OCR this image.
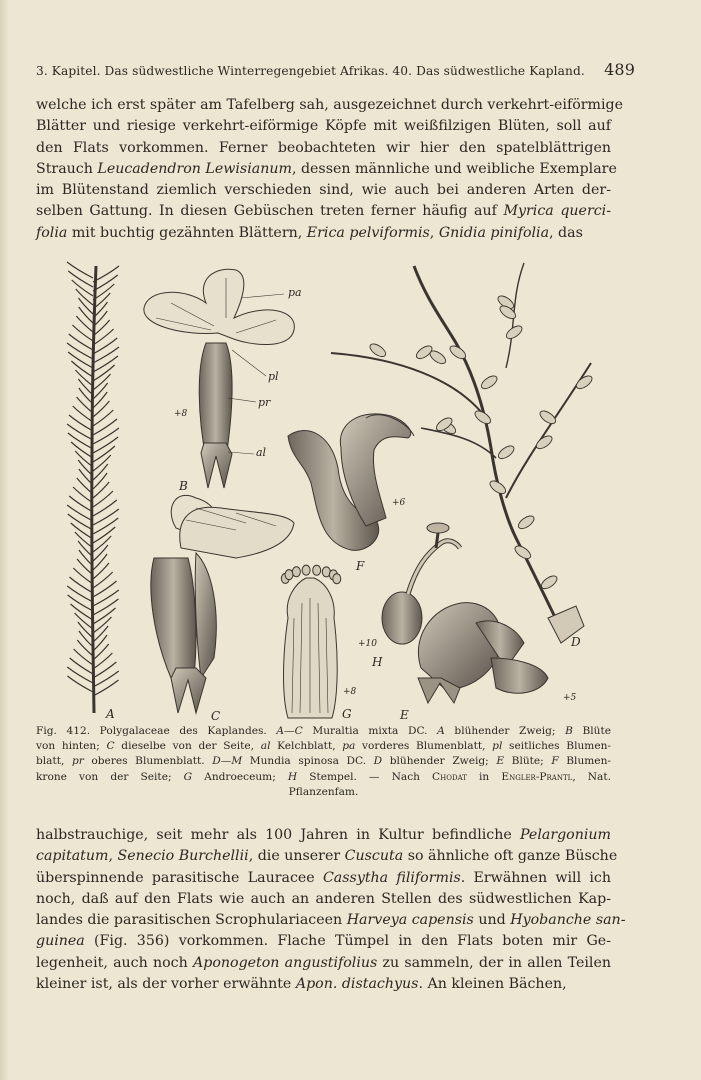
3. Kapitel. Das südwestliche Winterregengebiet Afrikas. 40. Das südwestliche Kapland. 489
welche ich erst später am Tafelberg sah, ausgezeichnet durch verkehrt-eiförmige
Blätter und riesige verkehrt-eiförmige Köpfe mit weißfilzigen Blüten, soll auf
den Flats vorkommen. Ferner beobachteten wir hier den spatelblättrigen
Strauch Leucadendron Lewisianum, dessen männliche und weibliche Exemplare
im Blütenstand ziemlich verschieden sind, wie auch bei anderen Arten der-
selben Gattung. In diesen Gebüschen treten ferner häufig auf Myrica querci-
folia mit buchtig gezähnten Blättern, Erica pelviformis, Gnidia pinifolia, das
pa
pl
pr
al
+8
B
+6
F
D
C
+8
G
+10
H
+5
E
A
Fig. 412. Polygalaceae des Kaplandes. A—C Muraltia mixta DC. A blühender Zweig; B Blüte
von hinten; C dieselbe von der Seite, al Kelchblatt, pa vorderes Blumenblatt, pl seitliches Blumen-
blatt, pr oberes Blumenblatt. D—M Mundia spinosa DC. D blühender Zweig; E Blüte; F Blumen-
krone von der Seite; G Androeceum; H Stempel. — Nach Chodat in Engler-Prantl, Nat.
Pflanzenfam.
halbstrauchige, seit mehr als 100 Jahren in Kultur befindliche Pelargonium
capitatum, Senecio Burchellii, die unserer Cuscuta so ähnliche oft ganze Büsche
überspinnende parasitische Lauracee Cassytha filiformis. Erwähnen will ich
noch, daß auf den Flats wie auch an anderen Stellen des südwestlichen Kap-
landes die parasitischen Scrophulariaceen Harveya capensis und Hyobanche san-
guinea (Fig. 356) vorkommen. Flache Tümpel in den Flats boten mir Ge-
legenheit, auch noch Aponogeton angustifolius zu sammeln, der in allen Teilen
kleiner ist, als der vorher erwähnte Apon. distachyus. An kleinen Bächen,
